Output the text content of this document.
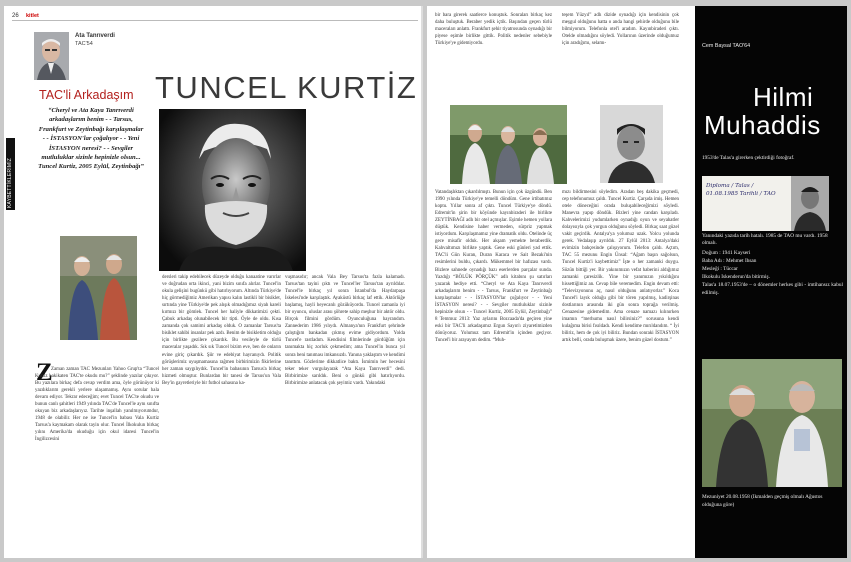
26 kitlet
KAYBETTİKLERİMİZ
Ata Tanrıverdi
TAC'54
TAC'li Arkadaşım TUNCEL KURTİZ
“Cheryl ve Ata Kaya Tanrıverdi arkadaşlarım benim - - Tarsus, Frankfurt ve Zeytinbağı karşılaşmalar - - İSTASYON'lar çoğalıyor - - Yeni İSTASYON neresi? - - Sevgiler mutluluklar sizinle hepinizle olsun... Tuncel Kurtiz, 2005 Eylül, Zeytinbağı”
Z
Zaman zaman TAC Mezunları Yahoo Grup'ta “Tuncel Kurtiz hakikaten TAC'te okudu mu?” şeklinde yazılar çıkıyor. Bu yazılara birkaç defa cevap verdim ama, öyle görünüyor ki yazdıklarım gerekli yerlere ulaşamamış. Aynı sorular hala devam ediyor. Tekrar edeceğim; evet Tuncel TAC'te okudu ve bunun canlı şahitleri 1949 yılında TAC'de Tuncel'le aynı sınıfta okuyan biz arkadaşlarıyız. Tarihte inşallah yanılmıyorumdur, 1948 de olabilir. Her ne ise Tuncel'in babası Vala Kurtiz Tarsus'a kaymakam olarak tayin olur. Tuncel İlkokulun birkaç yılını Amerika'da okuduğu için okul idaresi Tuncel'in İngilizcesini
dersleri takip edebilecek düzeyde olduğu kanaatine varırlar ve doğrudan orta ikinci, yani bizim sınıfa alırlar. Tuncel'in okula gelişini bugünkü gibi hatırlıyorum. Altında Türkiye'de hiç görmediğimiz Amerikan yapısı kalın lastikli bir bisiklet, sırtında yine Türkiye'de pek alışık olmadığımız siyah kareli kırmızı bir gömlek. Tuncel her haliyle dikkatimizi çekti. Çabuk arkadaş olunabilecek bir tipti. Öyle de oldu. Kısa zamanda çok samimi arkadaş olduk. O zamanlar Tarsus'ta bisiklet sahibi insanlar pek azdı. Benim de bisikletim olduğu için birlikte gezilere çıkardık. Bu vesileyle de türlü maceralar yaşadık. Sık sık Tuncel bizim eve, ben de onların evine giriç çıkardık. Şiir ve edebiyat hayranıydı. Politik görüşlerimiz uyuşmamasına rağmen birbirimizin fikirlerine her zaman saygılıydık. Tuncel'in babasının Tarsus'a birkaç hizmeti olmuştur. Bunlardan bir tanesi de Tarsus'un Vala Bey'in gayretleriyle bir futbol sahasına ka-
vuşmasıdır; ancak Vala Bey Tarsus'ta fazla kalamadı. Tarsus'tan tayini çıktı ve Tuncel'ler Tarsus'tan ayrıldılar. Tuncel'le birkaç yıl sonra İstanbul'da Haydarpaşa İskelesi'nde karşılaştık. Ayaküstü birkaç laf ettik. Aktörlüğe başlamış, hayli heyecanlı gözüküyordu. Tuncel zamanla iyi bir oyuncu, uluslar arası şöhrete sahip meşhur bir aktör oldu. Birçok filmini gördüm. Oyunculuğuna hayrandım. Zannederim 1986 yılıydı. Almanya'nın Frankfurt şehrinde çalıştığım bankadan çıkmış evime gidiyordum. Yolda Tuncel'e rastladım. Kendisini filmlerinde gördüğüm için tanımakta hiç zorluk çekmedim; ama Tuncel'in bunca yıl sonra beni tanıması imkansızdı. Yanına yaklaştım ve kendimi tanıttım. Gözlerime dikkatlice baktı. İsmimin her hecesini teker teker vurgulayarak “Ata Kaya Tanrıverdi” dedi. Birbirimize sarıldık. Beni o günkü gibi hatırlıyordu. Birbirimize anlatacak çok şeyimiz vardı. Yakındaki
bir bara girerek saatlerce konuştuk. Sonraları birkaç kez daha buluştuk. Beraber yedik içtik. Başından geçen türlü maceraları anlattı. Frankfurt şehir tiyatrosunda oynadığı bir piyese eşimle birlikte gittik. Politik nedenler sebebiyle Türkiye'ye gidemiyordu.
teşem Yüzyıl” adlı dizide oynadığı için kendisinin çok meşgul olduğunu hatta o anda hangi şehirde olduğunu bile bilmiyorum. Telefonla otel'i aradım. Kayınbiraderi çıktı. Otelde olmadığını söyledi. Yollarının üzerinde olduğumuz için aradığımı, selamı-
Vatandaşlıktan çıkardılmıştı. Bunun için çok üzgündü. Ben 1990 yılında Türkiye'ye temelli döndüm. Gene irtibatımız koptu. Yıllar sonra af çıktı. Tuncel Türkiye'ye döndü. Edremit'in şirin bir köyünde kayınbiraderi ile birlikte ZEYTİNBAĞI adlı bir otel açmışlar. Eşimle hemen yollara düştük. Kendisine haber vermeden, sürpriz yapmak istiyordum. Karşılaşmamız yine dramatik oldu. Otelinde üç gece misafir olduk. Her akşam yemekte beraberdik. Kahvaltımızı birlikte yaptık. Gene eski günleri yad ettik. TAC'li Gün Kuran, Duran Karaca ve Sait Bezaki'nin resimlerini buldu, çıkardı. Mükemmel bir hafızası vardı. Bizlere sahnede oynadığı bazı eserlerden parçalar sunda. Yazdığı “BÖLÜK PÖRÇÜK” adlı kitabını şu satırları yazarak hediye etti. “Cheryl ve Ata Kaya Tanrıverdi arkadaşlarım benim - - Tarsus, Frankfurt ve Zeytinbağı karşılaşmalar - - İSTASYON'lar çoğalıyor - - Yeni İSTASYON neresi? - - Sevgiler mutluluklar sizinle hepinizle olsun - - Tuncel Kurtiz, 2005 Eylül, Zeytinbağı” 8 Temmuz 2013: Yaz aylarını Bozcaada'da geçiren yine eski bir TAC'li arkadaşımız Ergun Sayın'ı ziyaretimizden dönüyoruz. Yolumuz tam Edremit'in içinden geçiyor. Tuncel'i bir arayayım dedim. “Muh-
mızı bildirmesini söyledim. Aradan beş dakika geçmedi, cep telefonumuz çaldı. Tuncel Kurtiz. Çarşıda imiş. Hemen otele döneceğini orada buluşabileceğimizi söyledi. Manevra yapıp döndük. Bizleri yine candan karşıladı. Kahvelerimizi yudumlarken oynadığı oyun ve seyahatler dolayısıyla çok yorgun olduğunu söyledi. Birkaç saat güzel vakit geçirdik. Antalya'ya yolumuz uzak. Yolcu yolunda gerek. Vedalaşıp ayrıldık. 27 Eylül 2013: Antalya'daki evimizin bahçesinde çalışıyorum. Telefon çaldı. Açtım, TAC 55 mezunu Engin Ünsal: “Ağam başın sağolsun, Tuncel Kurtiz'i kaybettimiz” İşte o her zamanki duygu. Sözün bittiği yer. Bir yakınımızın vefat haberini aldığımız zamanki çaresizlik. Yine bir yanımızın yıkıldığını hissettiğimiz an. Cevap bile veremedim. Engin devam etti: “Televizyonunu aç, nasıl olduğunu anlatıyorlar.” Koca Tuncel'i layık olduğu gibi bir tören yapılmış, kadirşinas dostlarının arasında iki gün sonra toprağa verilmiş. Cenazesine gidemedim. Ama cenaze namazı kılınırken imamın “merhumu nasıl bilirsiniz?” sorusuna kendi kulağıma birisi fısıldadı. Kendi kendime mırıldandım. “ İyi biliriz, hem de çok iyi biliriz. Bundan sonraki İSTASYON artık belli, orada buluşmak üzere, benim güzel dostum.”
Cem Baysal TAO'64
Hilmi
Muhaddis
1953'de Talas'a girerken çektirdiği fotoğraf.
Diploma / Talas / 01.08.1985 Tarihli / TAO
Yanındaki yazıda tarih hatalı. 1985 de TAO mu vardı. 1958 olmalı.
Doğum : 1941 Kayseri
Baba Adı : Mehmet İhsan
Mesleği : Tüccar
İlkokulu İskenderun'da bitirmiş.
Talas'a 18.07.1953'de – o dönemler herkes gibi - imtihansız kabul edilmiş.
Mezuniyet 20.08.1958 (İkmalden geçmiş olmalı Ağustos olduğuna göre)
